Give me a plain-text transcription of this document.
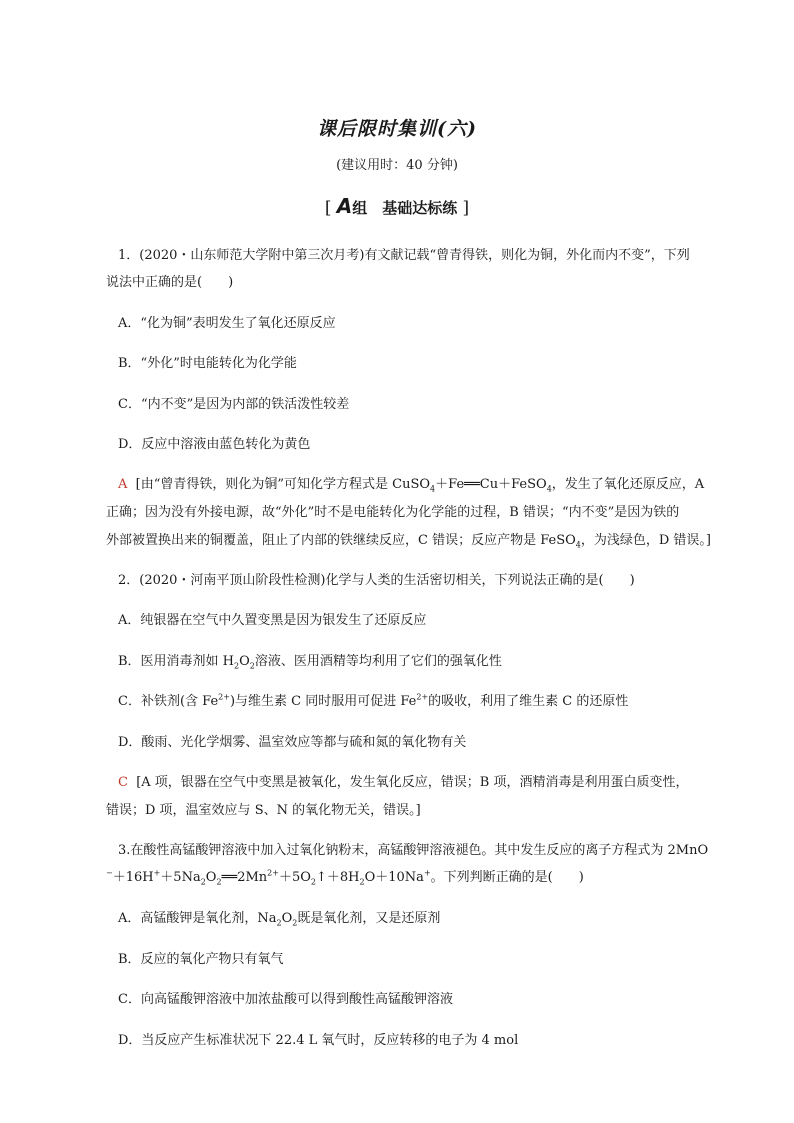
课后限时集训(六)
(建议用时：40 分钟)
[ A组　基础达标练 ]
1．(2020・山东师范大学附中第三次月考)有文献记载“曾青得铁，则化为铜，外化而内不变”，下列
说法中正确的是(　　)
A．“化为铜”表明发生了氧化还原反应
B．“外化”时电能转化为化学能
C．“内不变”是因为内部的铁活泼性较差
D．反应中溶液由蓝色转化为黄色
A [由“曾青得铁，则化为铜”可知化学方程式是 CuSO$_4$＋Fe══Cu＋FeSO$_4$，发生了氧化还原反应，A
正确；因为没有外接电源，故“外化”时不是电能转化为化学能的过程，B 错误；“内不变”是因为铁的
外部被置换出来的铜覆盖，阻止了内部的铁继续反应，C 错误；反应产物是 FeSO$_4$，为浅绿色，D 错误。]
2．(2020・河南平顶山阶段性检测)化学与人类的生活密切相关，下列说法正确的是(　　)
A．纯银器在空气中久置变黑是因为银发生了还原反应
B．医用消毒剂如 $H_2O_2$溶液、医用酒精等均利用了它们的强氧化性
C．补铁剂(含 $Fe^{2+}$)与维生素 C 同时服用可促进 $Fe^{2+}$的吸收，利用了维生素 C 的还原性
D．酸雨、光化学烟雾、温室效应等都与硫和氮的氧化物有关
C [A 项，银器在空气中变黑是被氧化，发生氧化反应，错误；B 项，酒精消毒是利用蛋白质变性，
错误；D 项，温室效应与 S、N 的氧化物无关，错误。]
3.在酸性高锰酸钾溶液中加入过氧化钠粉末，高锰酸钾溶液褪色。其中发生反应的离子方程式为 2MnO
$^-+16H^++5Na_2O_2══2Mn^{2+}+5O_2↑+8H_2O+10Na^+$。下列判断正确的是(　　)
A．高锰酸钾是氧化剂，$Na_2O_2$既是氧化剂，又是还原剂
B．反应的氧化产物只有氧气
C．向高锰酸钾溶液中加浓盐酸可以得到酸性高锰酸钾溶液
D．当反应产生标准状况下 22.4 L 氧气时，反应转移的电子为 4 mol
